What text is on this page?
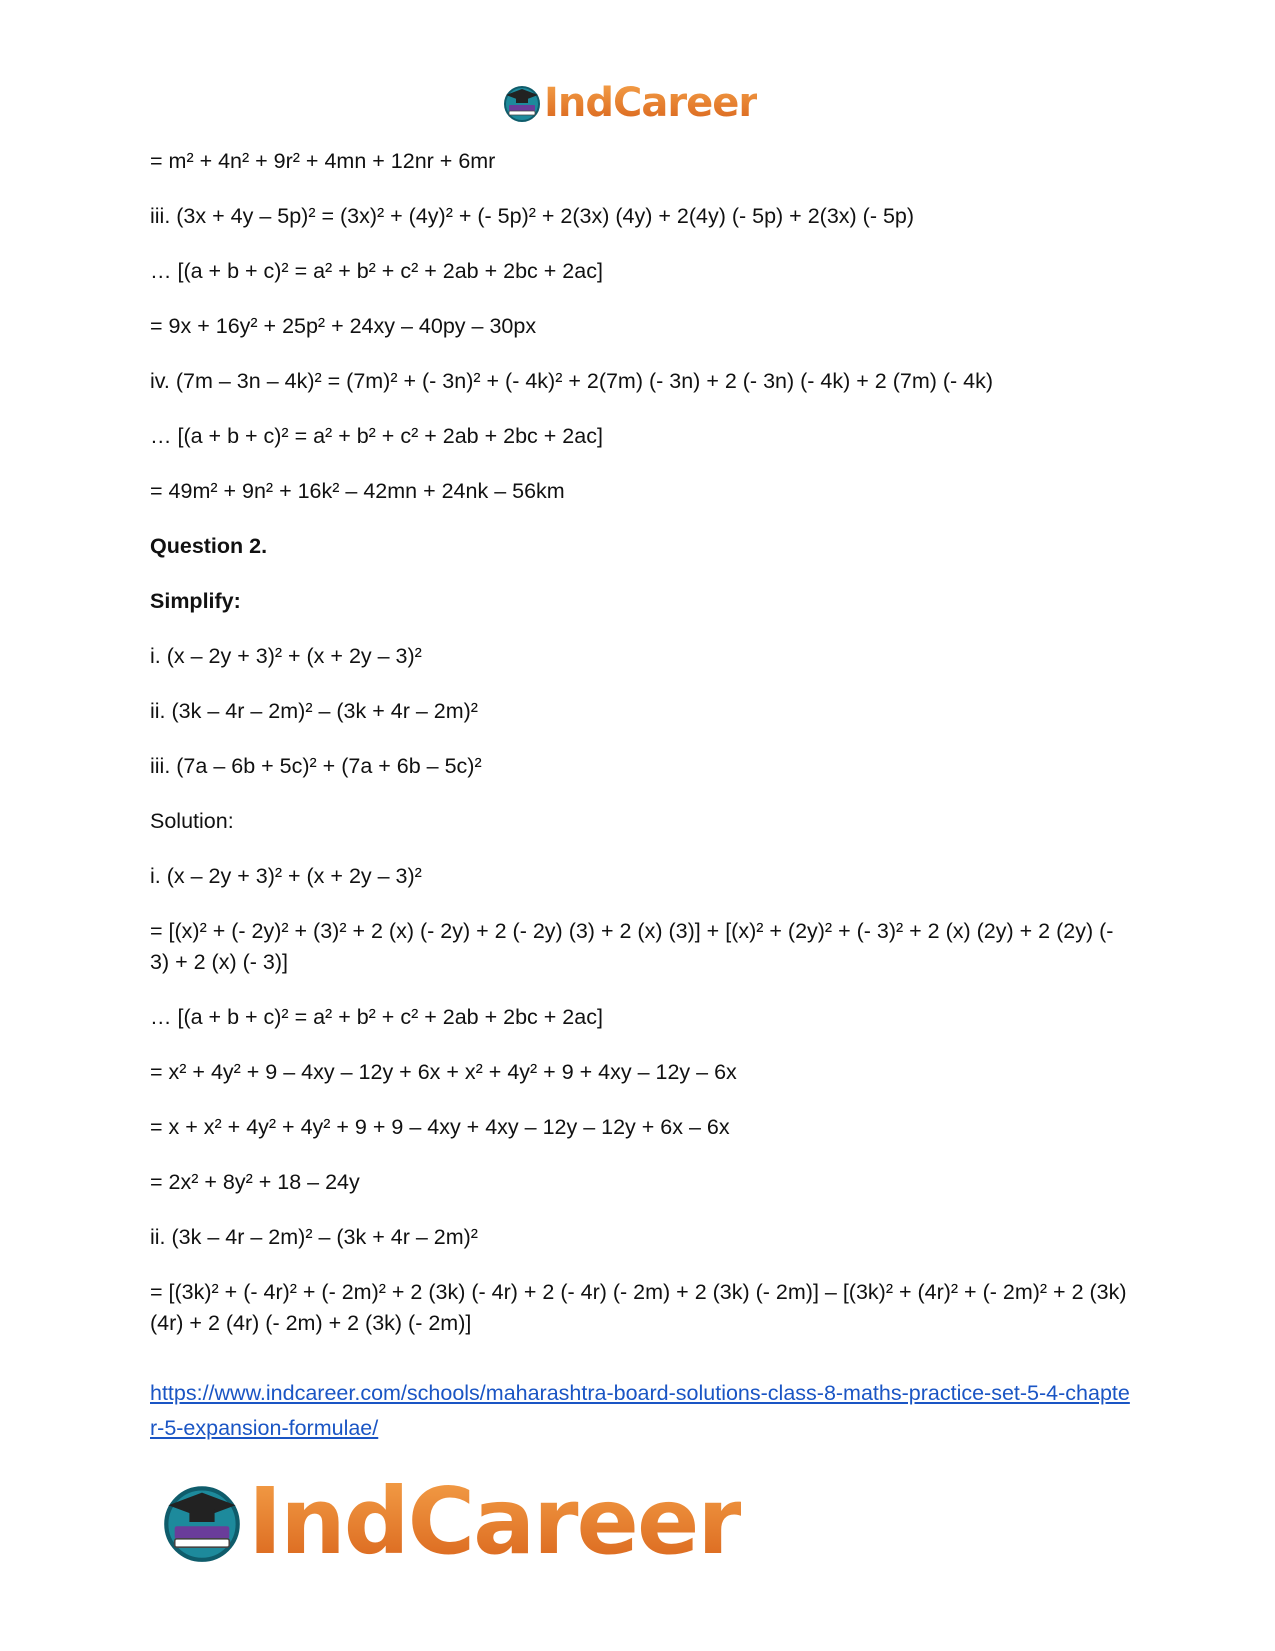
IndCareer

= m² + 4n² + 9r² + 4mn + 12nr + 6mr

iii. (3x + 4y – 5p)² = (3x)² + (4y)² + (- 5p)² + 2(3x) (4y) + 2(4y) (- 5p) + 2(3x) (- 5p)

… [(a + b + c)² = a² + b² + c² + 2ab + 2bc + 2ac]

= 9x + 16y² + 25p² + 24xy – 40py – 30px

iv. (7m – 3n – 4k)² = (7m)² + (- 3n)² + (- 4k)² + 2(7m) (- 3n) + 2 (- 3n) (- 4k) + 2 (7m) (- 4k)

… [(a + b + c)² = a² + b² + c² + 2ab + 2bc + 2ac]

= 49m² + 9n² + 16k² – 42mn + 24nk – 56km

Question 2.

Simplify:

i. (x – 2y + 3)² + (x + 2y – 3)²

ii. (3k – 4r – 2m)² – (3k + 4r – 2m)²

iii. (7a – 6b + 5c)² + (7a + 6b – 5c)²

Solution:

i. (x – 2y + 3)² + (x + 2y – 3)²

= [(x)² + (- 2y)² + (3)² + 2 (x) (- 2y) + 2 (- 2y) (3) + 2 (x) (3)] + [(x)² + (2y)² + (- 3)² + 2 (x) (2y) + 2 (2y) (- 3) + 2 (x) (- 3)]

… [(a + b + c)² = a² + b² + c² + 2ab + 2bc + 2ac]

= x² + 4y² + 9 – 4xy – 12y + 6x + x² + 4y² + 9 + 4xy – 12y – 6x

= x + x² + 4y² + 4y² + 9 + 9 – 4xy + 4xy – 12y – 12y + 6x – 6x

= 2x² + 8y² + 18 – 24y

ii. (3k – 4r – 2m)² – (3k + 4r – 2m)²

= [(3k)² + (- 4r)² + (- 2m)² + 2 (3k) (- 4r) + 2 (- 4r) (- 2m) + 2 (3k) (- 2m)] – [(3k)² + (4r)² + (- 2m)² + 2 (3k) (4r) + 2 (4r) (- 2m) + 2 (3k) (- 2m)]

https://www.indcareer.com/schools/maharashtra-board-solutions-class-8-maths-practice-set-5-4-chapter-5-expansion-formulae/
IndCareer
